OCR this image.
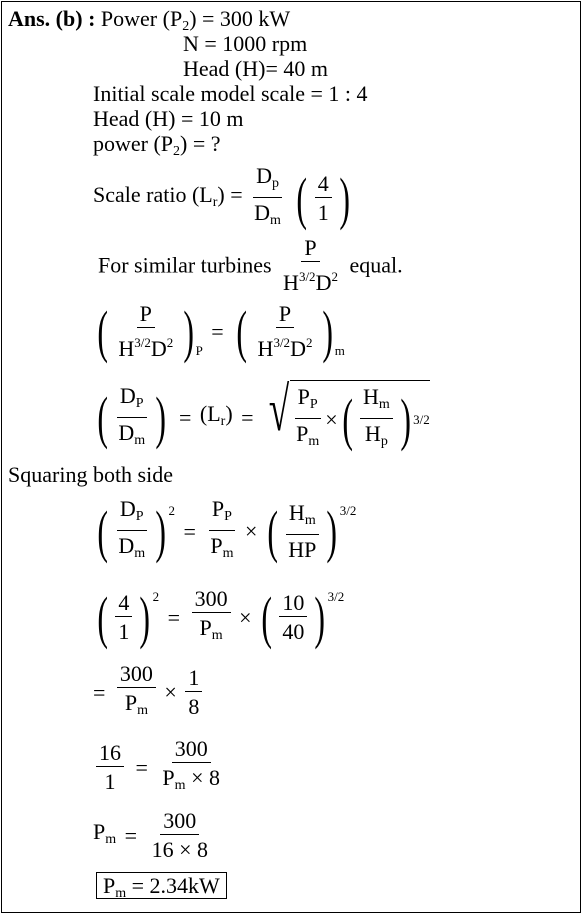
Ans. (b) : Power $(P_2) = 300$ kW
N = 1000 rpm
Head (H)= 40 m
Initial scale model scale = 1 : 4
Head (H) = 10 m
power $(P_2)$ = ?
Scale ratio $(L_r) = \frac{D_p}{D_m}$
( 4
1 )
For similar turbines $\frac{P}{H^{3/2}D^2}$ equal.
( P
$H^{3/2}D^2$ ) $_P$ = ( P
$H^{3/2}D^2$ ) $_m$
( $D_P$
$D_m$ ) = $(L_r)$ = √ $\frac{P_P}{P_m}$ × ( $H_m$
$H_p$ ) 3/2
Squaring both side
( $D_P$
$D_m$ ) $^2 = \frac{P_P}{P_m}$ × ( $H_m$
HP ) $^{3/2}$
( 4
1 ) $^2 = \frac{300}{P_m}$ × ( 10
40 ) $^{3/2}$
= $\frac{300}{P_m} \times \frac{1}{8}$
$\frac{16}{1} = \frac{300}{P_m \times 8}$
$P_m = \frac{300}{16 \times 8}$
$P_m = 2.34kW$
